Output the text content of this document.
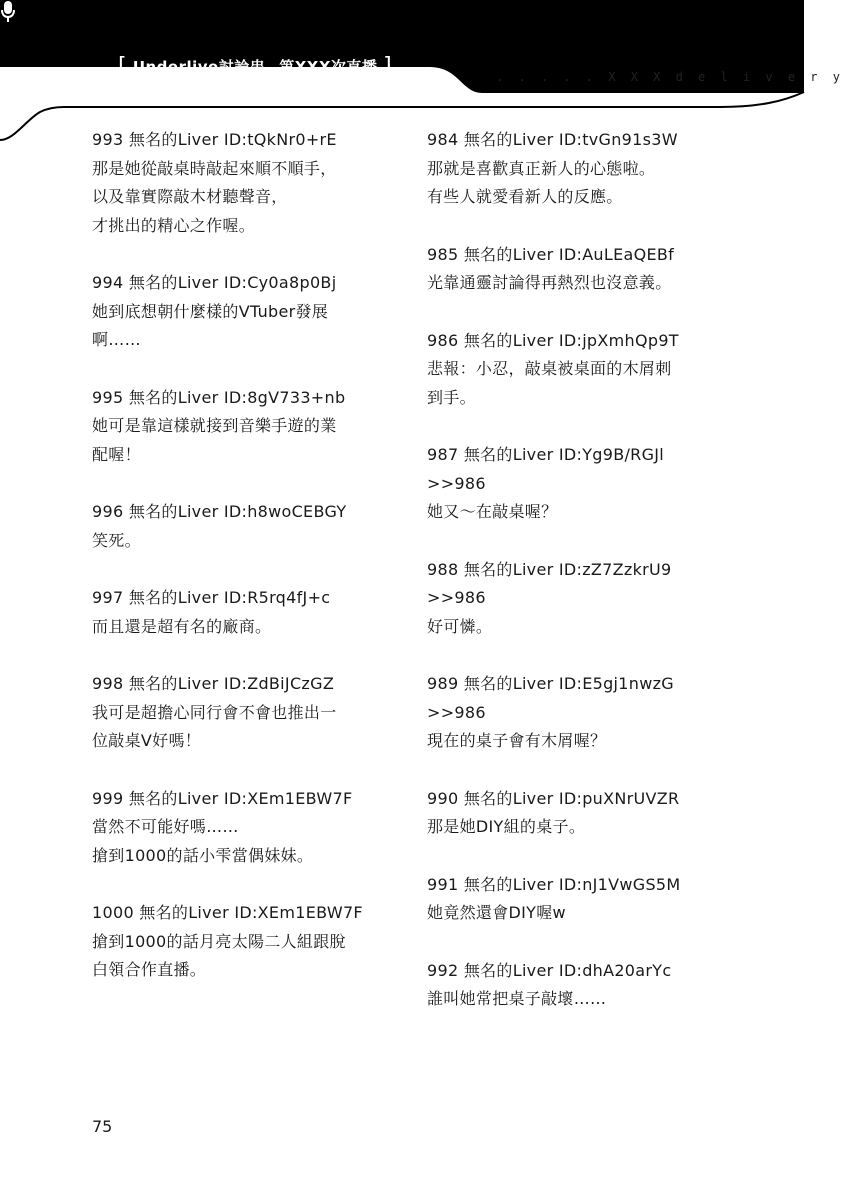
[ Underlive討論串 第XXX次直播 ]	. . . . . X X X d e l i v e r y
993 無名的Liver ID:tQkNr0+rE
那是她從敲桌時敲起來順不順手，
以及靠實際敲木材聽聲音，
才挑出的精心之作喔。
994 無名的Liver ID:Cy0a8p0Bj
她到底想朝什麼樣的VTuber發展
啊……
995 無名的Liver ID:8gV733+nb
她可是靠這樣就接到音樂手遊的業
配喔！
996 無名的Liver ID:h8woCEBGY
笑死。
997 無名的Liver ID:R5rq4fJ+c
而且還是超有名的廠商。
998 無名的Liver ID:ZdBiJCzGZ
我可是超擔心同行會不會也推出一
位敲桌V好嗎！
999 無名的Liver ID:XEm1EBW7F
當然不可能好嗎……
搶到1000的話小雫當偶妹妹。
1000 無名的Liver ID:XEm1EBW7F
搶到1000的話月亮太陽二人組跟脫
白領合作直播。
984 無名的Liver ID:tvGn91s3W
那就是喜歡真正新人的心態啦。
有些人就愛看新人的反應。
985 無名的Liver ID:AuLEaQEBf
光靠通靈討論得再熱烈也沒意義。
986 無名的Liver ID:jpXmhQp9T
悲報：小忍，敲桌被桌面的木屑刺
到手。
987 無名的Liver ID:Yg9B/RGJl
>>986
她又～在敲桌喔？
988 無名的Liver ID:zZ7ZzkrU9
>>986
好可憐。
989 無名的Liver ID:E5gj1nwzG
>>986
現在的桌子會有木屑喔？
990 無名的Liver ID:puXNrUVZR
那是她DIY組的桌子。
991 無名的Liver ID:nJ1VwGS5M
她竟然還會DIY喔w
992 無名的Liver ID:dhA20arYc
誰叫她常把桌子敲壞……
75
